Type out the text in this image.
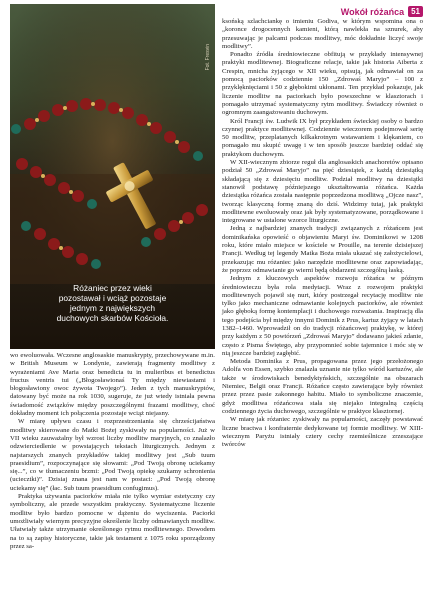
Wokół różańca 51
Fot. Fresvin
Różaniec przez wieki
pozostawał i wciąż pozostaje
jednym z największych
duchowych skarbów Kościoła.

wo ewoluowała. Wczesne anglosaskie manuskrypty, przechowywane m.in. w British Museum w Londynie, zawierają fragmenty modlitwy z wyrażeniami Ave Maria oraz benedicta tu in mulieribus et benedictus fructus ventris tui („Błogosławionaś Ty między niewiastami i błogosławiony owoc żywota Twojego”). Jeden z tych manuskryptów, datowany być może na rok 1030, sugeruje, że już wtedy istniała pewna świadomość związków między poszczególnymi frazami modlitwy, choć dokładny moment ich połączenia pozostaje wciąż niejasny.

W miarę upływu czasu i rozprzestrzeniania się chrześcijaństwa modlitwy skierowane do Matki Bożej zyskiwały na popularności. Już w VII wieku zauważalny był wzrost liczby modlitw maryjnych, co znalazło odzwierciedlenie w powstających tekstach liturgicznych. Jednym z najstarszych znanych przykładów takiej modlitwy jest „Sub tuum praesidium”, rozpoczynające się słowami: „Pod Twoją obronę uciekamy się...”, co w tłumaczeniu brzmi: „Pod Twoją opiekę szukamy schronienia (uciecztki)”. Dzisiaj znana jest nam w postaci: „Pod Twoją obronę uciekamy się” (łac. Sub tuum praesidium confugimus).

Praktyka używania paciorków miała nie tylko wymiar estetyczny czy symboliczny, ale przede wszystkim praktyczny. Systematyczne liczenie modlitw było bardzo pomocne w dążeniu do wyciszenia. Paciorki umożliwiały wiernym precyzyjne określenie liczby odmawianych modlitw. Ułatwiały także utrzymanie określonego rytmu modlitewnego. Dowodem na to są zapisy historyczne, takie jak testament z 1075 roku sporządzony przez sa-

ksońską szlachciankę o imieniu Godiva, w którym wspomina ona o „koronce drogocennych kamieni, którą nawlekła na sznurek, aby przesuwając je palcami podczas modlitwy, móc dokładnie liczyć swoje modlitwy”.

Ponadto źródła średniowieczne obfitują w przykłady intensywnej praktyki modlitewnej. Biograficzne relacje, takie jak historia Aiberta z Crespin, mnicha żyjącego w XII wieku, opisują, jak odmawiał on za pomocą paciorków codziennie 150 „Zdrowaś Maryjo” – 100 z przyklęknięciami i 50 z głębokimi ukłonami. Ten przykład pokazuje, jak liczenie modlitw na paciorkach było powszechne w klasztorach i pomagało utrzymać systematyczny rytm modlitwy. Świadczy również o ogromnym zaangażowaniu duchowym.

Król Francji św. Ludwik IX był przykładem świeckiej osoby o bardzo czynnej praktyce modlitewnej. Codziennie wieczorem podejmował serię 50 modlitw, przeplatanych kilkakrotnym wstawaniem i klękaniem, co pomagało mu skupić uwagę i w ten sposób jeszcze bardziej oddać się praktykom duchowym.

W XII-wiecznym zbiorze reguł dla anglosaskich anachoretów opisano podział 50 „Zdrowaś Maryjo” na pięć dziesiątek, z każdą dziesiątką składającą się z dziesięciu modlitw. Podział modlitwy na dziesiątki stanowił podstawę późniejszego ukształtowania różańca. Każda dziesiątka różańca została następnie poprzedzona modlitwą „Ojcze nasz”, tworząc klasyczną formę znaną do dziś. Widzimy tutaj, jak praktyki modlitewne ewoluowały oraz jak były systematyzowane, porządkowane i integrowane w ustalone wzorce liturgiczne.

Jedną z najbardziej znanych tradycji związanych z różańcem jest dominikańska opowieść o objawieniu Maryi św. Dominikowi w 1208 roku, które miało miejsce w kościele w Prouille, na terenie dzisiejszej Francji. Według tej legendy Matka Boża miała ukazać się założycielowi, przekazując mu różaniec jako narzędzie modlitewne oraz zapowiadając, że poprzez odmawianie go wierni będą obdarzeni szczególną łaską.

Jednym z kluczowych aspektów rozwoju różańca w późnym średniowieczu była rola medytacji. Wraz z rozwojem praktyki modlitewnych pojawił się nurt, który postrzegał recytację modlitw nie tylko jako mechaniczne odmawianie kolejnych paciorków, ale również jako głęboką formę kontemplacji i duchowego rozważania. Inspiracją dla tego podejścia był między innymi Dominik z Prus, kartuz żyjący w latach 1382–1460. Wprowadził on do tradycji różańcowej praktykę, w której przy każdym z 50 powtórzeń „Zdrowaś Maryjo” dodawano jakieś zdanie, często z Pisma Świętego, aby przypomnieć sobie tajemnice i móc się w nią jeszcze bardziej zagłębić.

Metoda Dominika z Prus, propagowana przez jego przełożonego Adolfa von Essen, szybko znalazła uznanie nie tylko wśród kartuzów, ale także w środowiskach benedyktyńskich, szczególnie na obszarach Niemiec, Belgii oraz Francji. Różańce często zawierające były również przez przez pasie zakonnego habitu. Miało to symboliczne znaczenie, gdyż modlitwa różańcowa stała się niejako integralną częścią codziennego życia duchowego, szczególnie w praktyce klasztornej.

W miarę jak różaniec zyskiwały na popularności, zaczęły powstawać liczne bractwa i konfraternie dedykowane tej formie modlitwy. W XIII-wiecznym Paryżu istniały cztery cechy rzemieślnicze zrzeszające twórców
